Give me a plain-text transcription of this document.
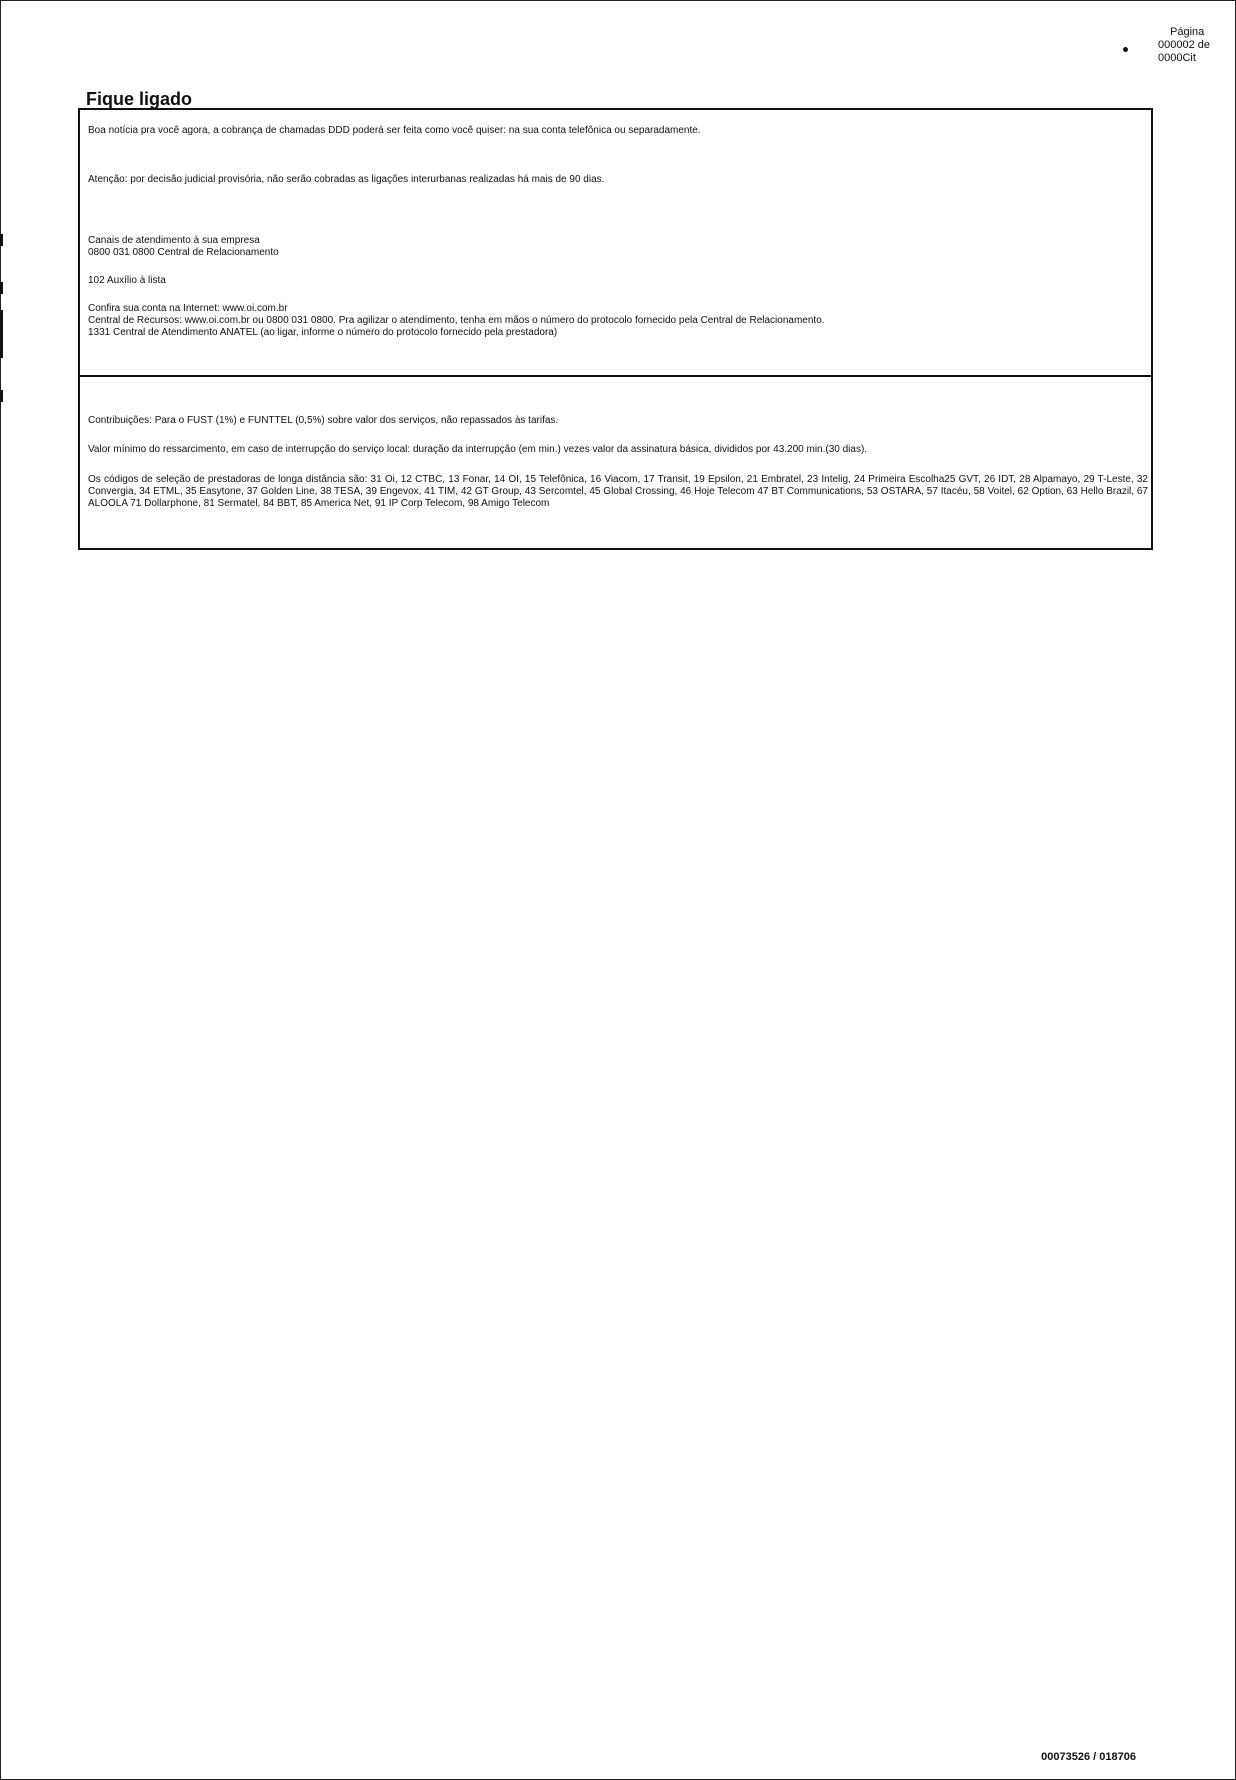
Página
000002 de
0000Cit
Fique ligado
Boa notícia pra você agora, a cobrança de chamadas DDD poderá ser feita como você quiser: na sua conta telefônica ou separadamente.
Atenção: por decisão judicial provisória, não serão cobradas as ligações interurbanas realizadas há mais de 90 dias.
Canais de atendimento à sua empresa
0800 031 0800 Central de Relacionamento
102 Auxílio à lista
Confira sua conta na Internet: www.oi.com.br
Central de Recursos: www.oi.com.br ou 0800 031 0800. Pra agilizar o atendimento, tenha em mãos o número do protocolo fornecido pela Central de Relacionamento.
1331 Central de Atendimento ANATEL (ao ligar, informe o número do protocolo fornecido pela prestadora)
Contribuições: Para o FUST (1%) e FUNTTEL (0,5%) sobre valor dos serviços, não repassados às tarifas.
Valor mínimo do ressarcimento, em caso de interrupção do serviço local: duração da interrupção (em min.) vezes valor da assinatura básica, divididos por 43.200 min.(30 dias).
Os códigos de seleção de prestadoras de longa distância são: 31 Oi, 12 CTBC, 13 Fonar, 14 OI, 15 Telefônica, 16 Viacom, 17 Transit, 19 Epsilon, 21 Embratel, 23 Intelig, 24 Primeira Escolha25 GVT, 26 IDT, 28 Alpamayo, 29 T-Leste, 32 Convergia, 34 ETML, 35 Easytone, 37 Golden Line, 38 TESA, 39 Engevox, 41 TIM, 42 GT Group, 43 Sercomtel, 45 Global Crossing, 46 Hoje Telecom 47 BT Communications, 53 OSTARA, 57 Itacéu, 58 Voitel, 62 Option, 63 Hello Brazil, 67 ALOOLA 71 Dollarphone, 81 Sermatel, 84 BBT, 85 America Net, 91 IP Corp Telecom, 98 Amigo Telecom
00073526 / 018706
